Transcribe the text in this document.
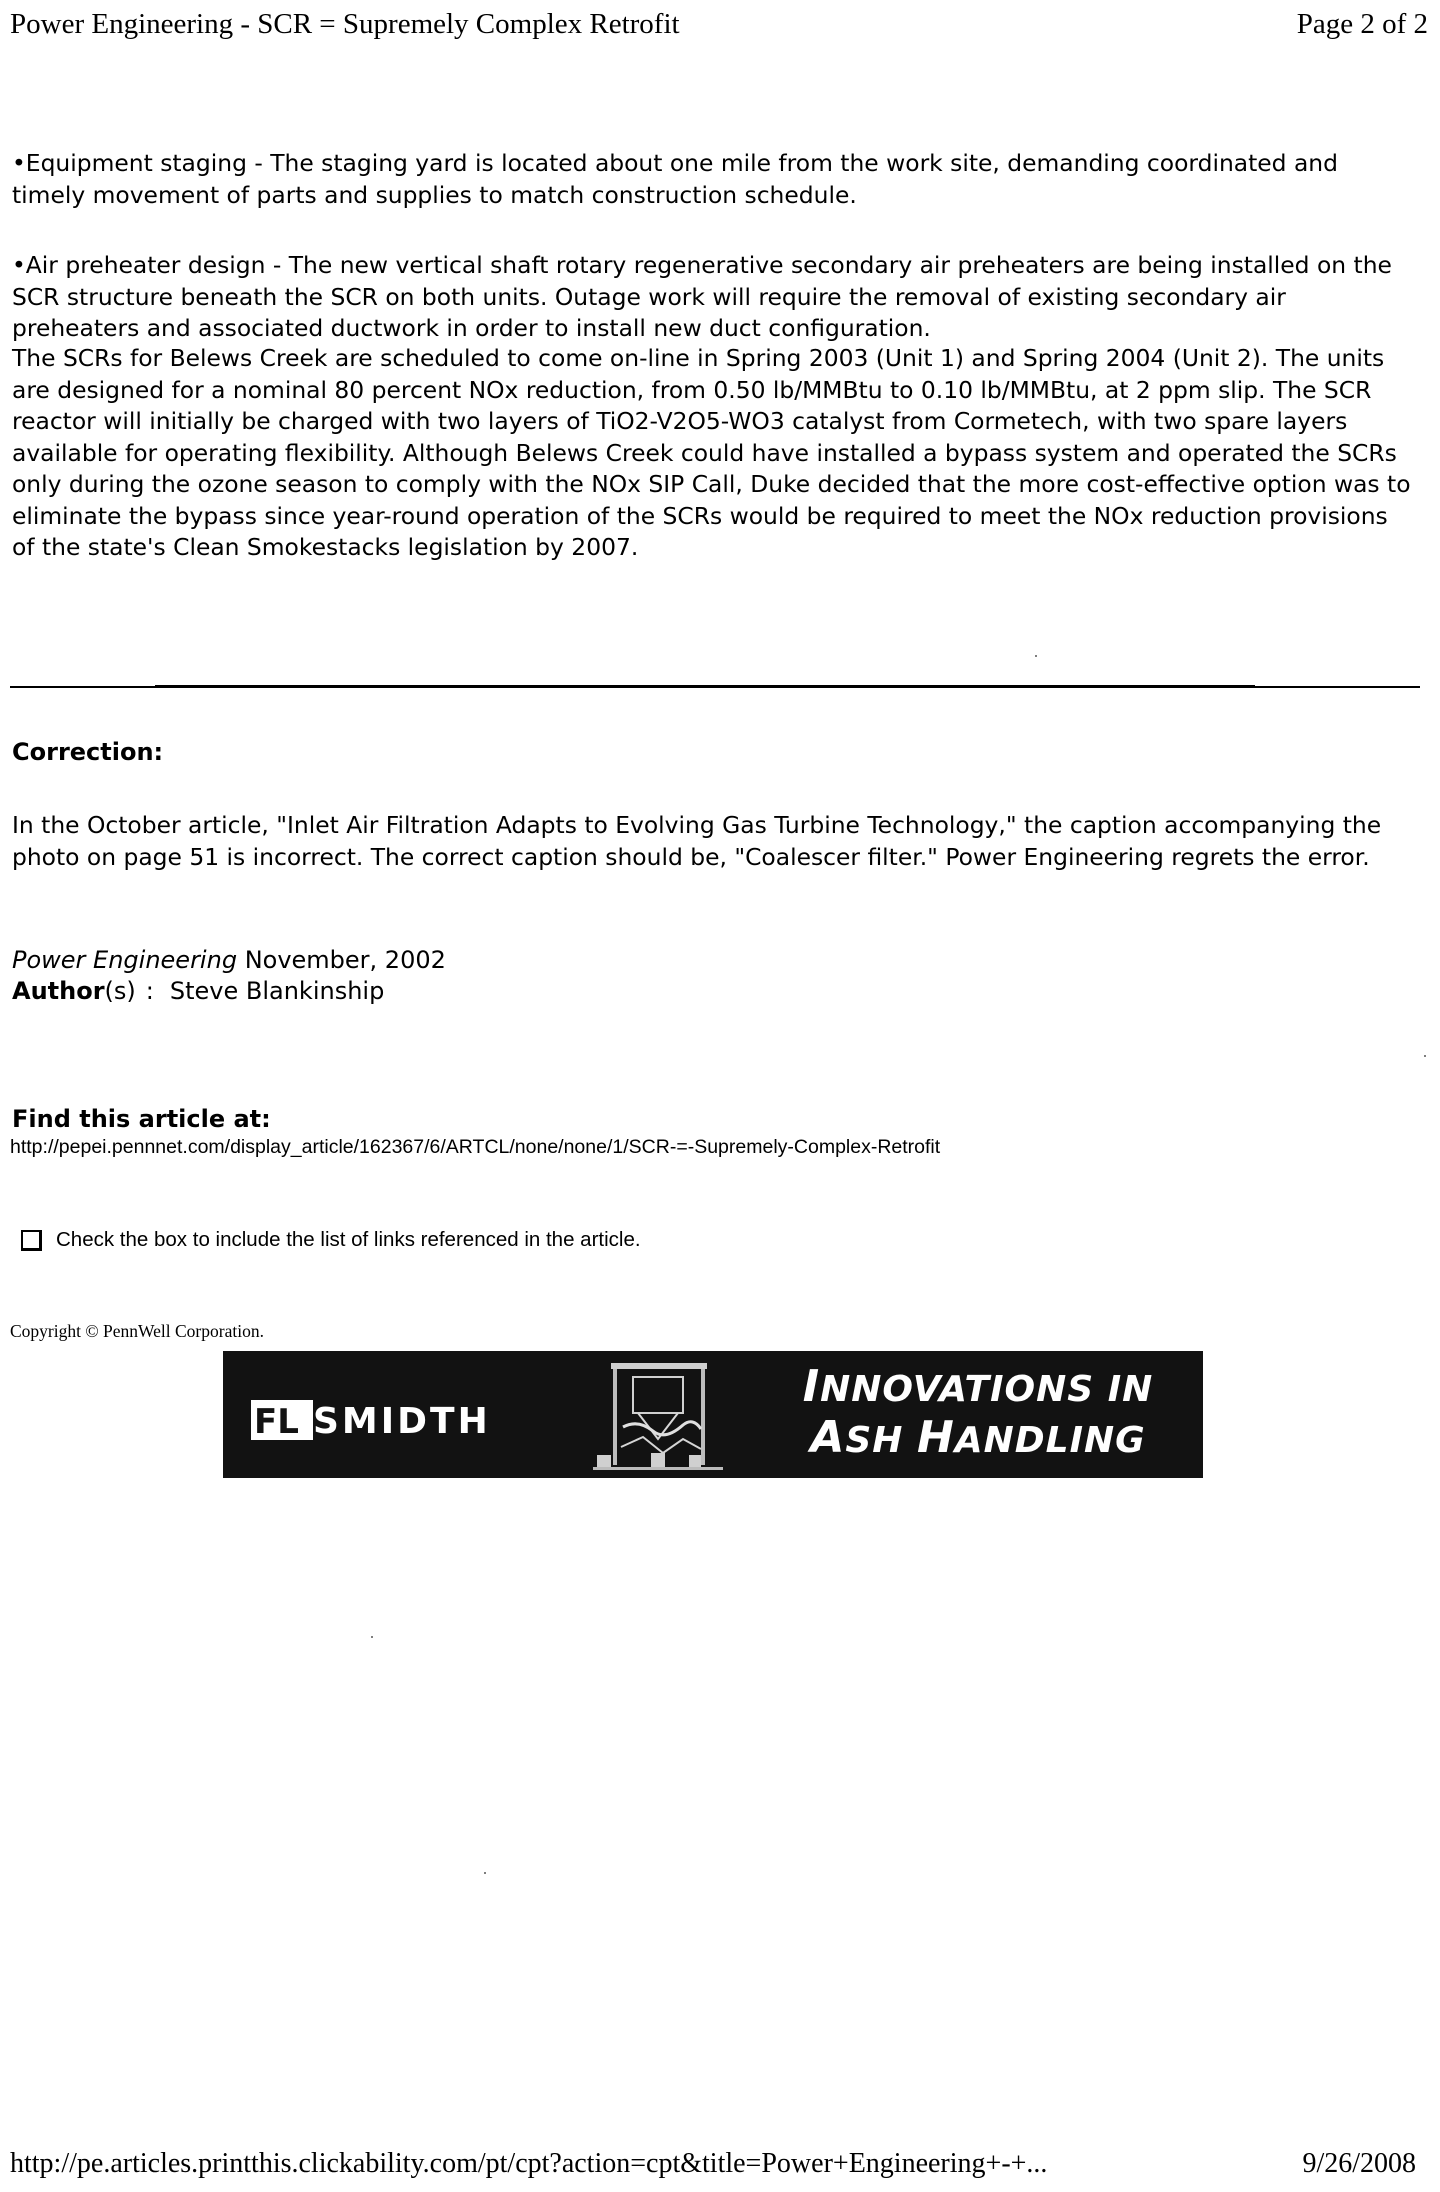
Power Engineering - SCR = Supremely Complex Retrofit	Page 2 of 2

•Equipment staging - The staging yard is located about one mile from the work site, demanding coordinated and timely movement of parts and supplies to match construction schedule.

•Air preheater design - The new vertical shaft rotary regenerative secondary air preheaters are being installed on the SCR structure beneath the SCR on both units. Outage work will require the removal of existing secondary air preheaters and associated ductwork in order to install new duct configuration.

The SCRs for Belews Creek are scheduled to come on-line in Spring 2003 (Unit 1) and Spring 2004 (Unit 2). The units are designed for a nominal 80 percent NOx reduction, from 0.50 lb/MMBtu to 0.10 lb/MMBtu, at 2 ppm slip. The SCR reactor will initially be charged with two layers of TiO2-V2O5-WO3 catalyst from Cormetech, with two spare layers available for operating flexibility. Although Belews Creek could have installed a bypass system and operated the SCRs only during the ozone season to comply with the NOx SIP Call, Duke decided that the more cost-effective option was to eliminate the bypass since year-round operation of the SCRs would be required to meet the NOx reduction provisions of the state's Clean Smokestacks legislation by 2007.

Correction:

In the October article, "Inlet Air Filtration Adapts to Evolving Gas Turbine Technology," the caption accompanying the photo on page 51 is incorrect. The correct caption should be, "Coalescer filter." Power Engineering regrets the error.

Power Engineering November, 2002
Author(s) : Steve Blankinship
Find this article at:
http://pepei.pennnet.com/display_article/162367/6/ARTCL/none/none/1/SCR-=-Supremely-Complex-Retrofit
Check the box to include the list of links referenced in the article.
Copyright © PennWell Corporation.
FL SMIDTH
INNOVATIONS IN
ASH HANDLING
http://pe.articles.printthis.clickability.com/pt/cpt?action=cpt&title=Power+Engineering+-+...	9/26/2008
